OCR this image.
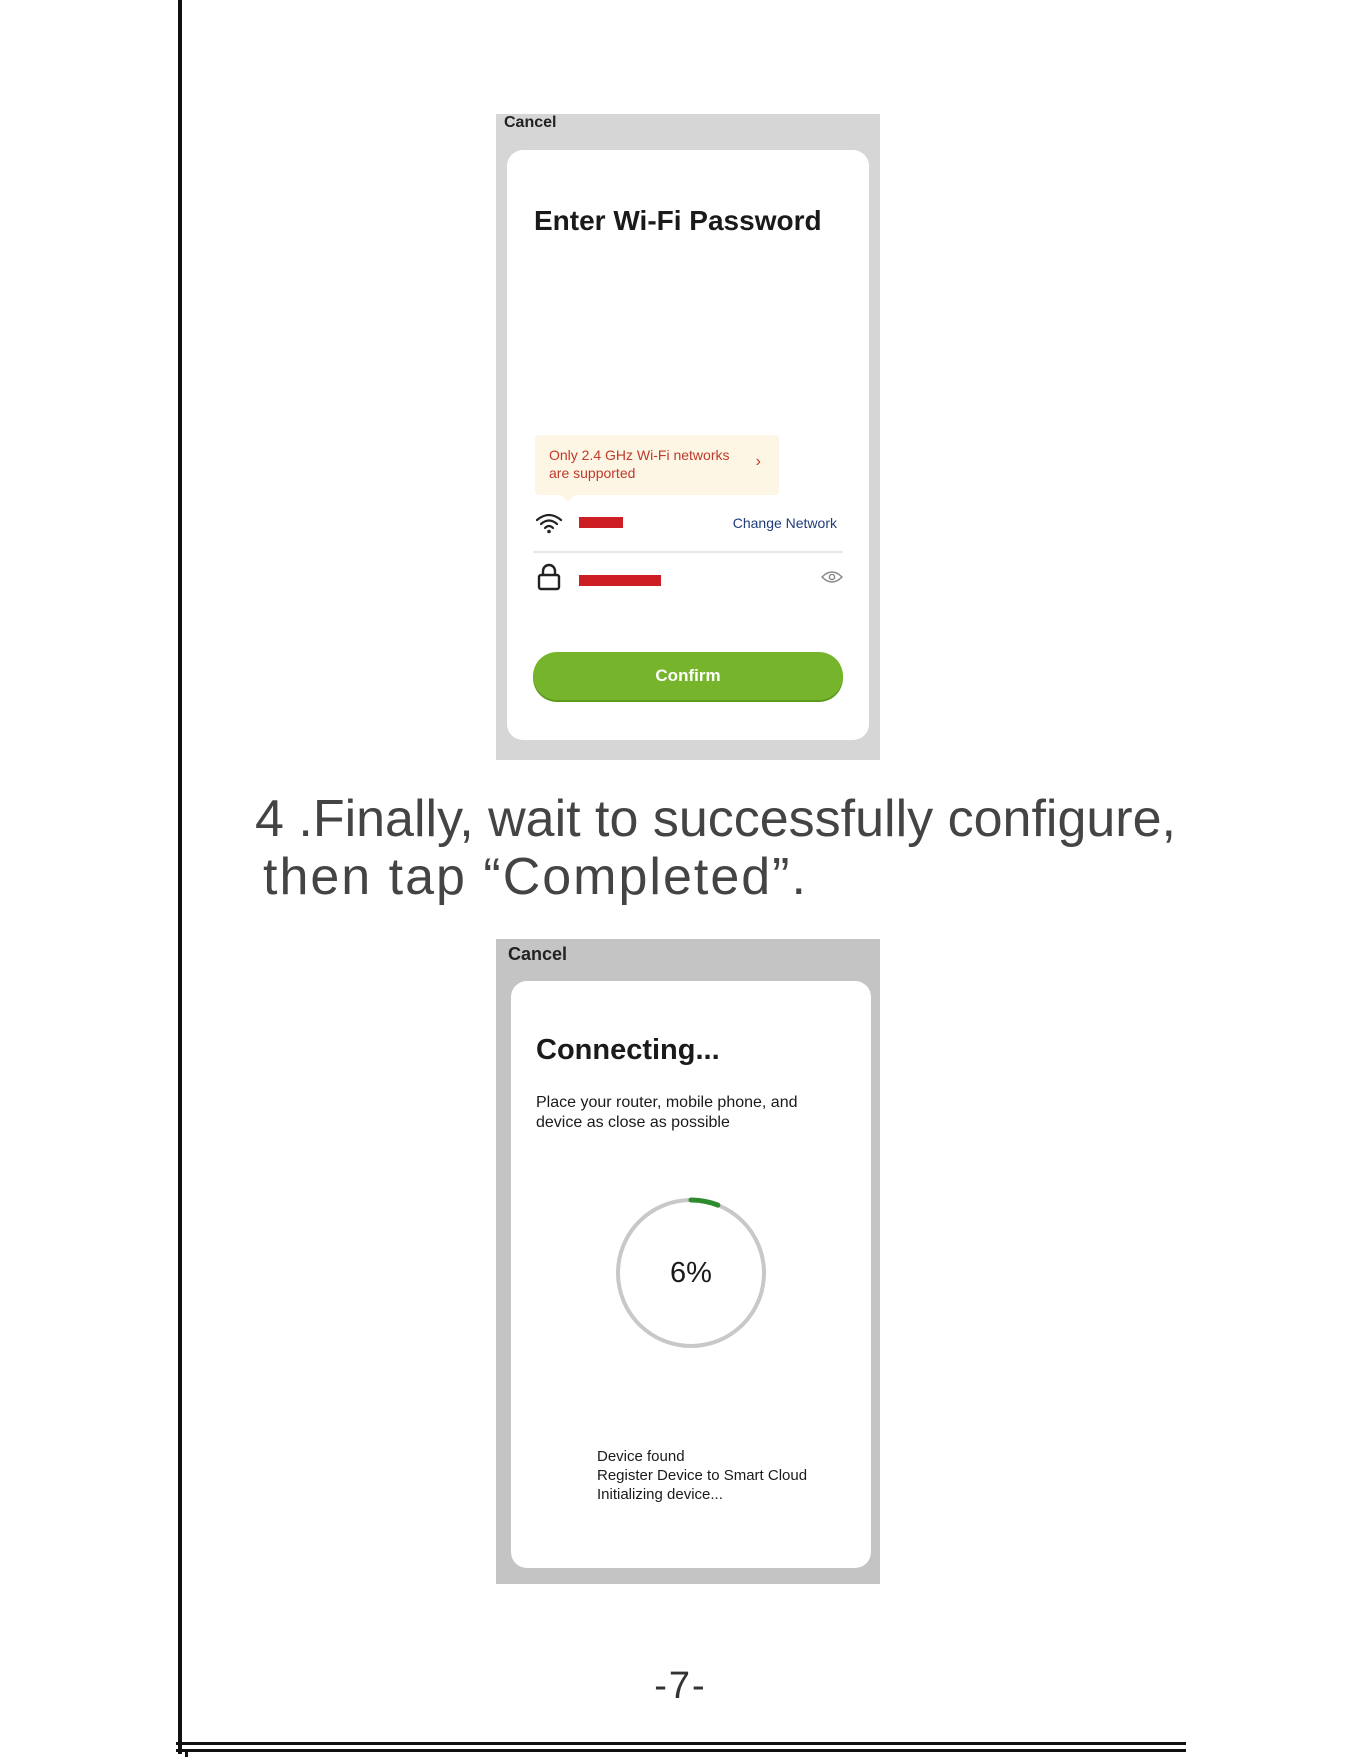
Cancel
Enter Wi-Fi Password
Only 2.4 GHz Wi-Fi networks
are supported
›
Change Network
Confirm
4 .Finally, wait to successfully configure,
then tap “Completed”.
Cancel
Connecting...
Place your router, mobile phone, and
device as close as possible
6%
Device found
Register Device to Smart Cloud
Initializing device...
-7-
